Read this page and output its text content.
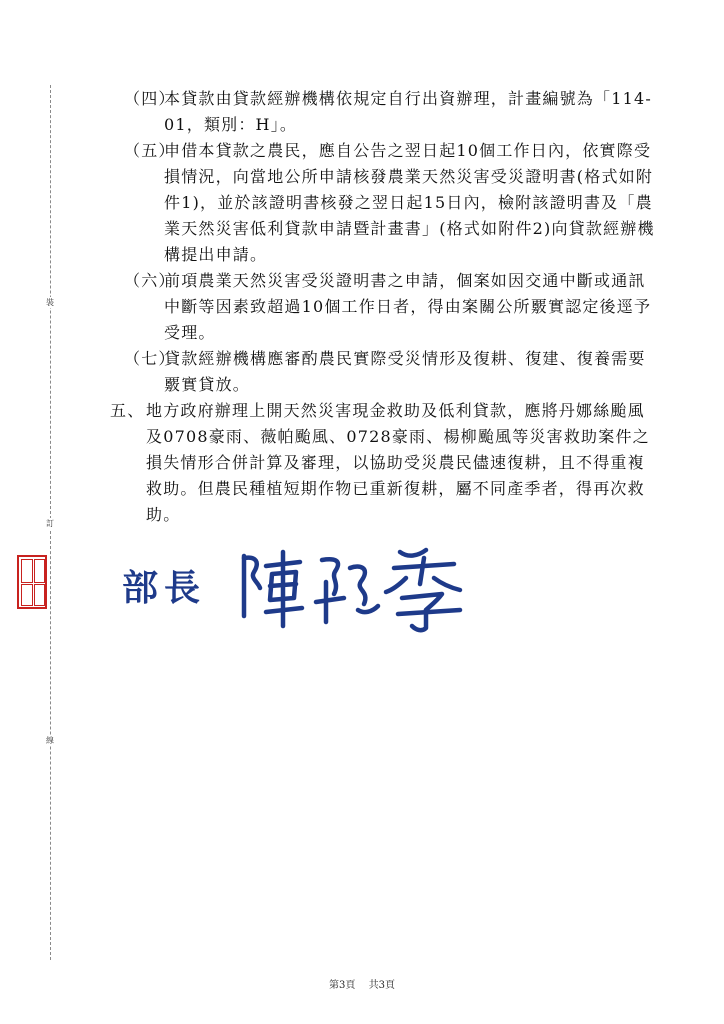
裝
訂
線
（四）
本貸款由貸款經辦機構依規定自行出資辦理，計畫編號為「114-01，類別：H」。
（五）
申借本貸款之農民，應自公告之翌日起10個工作日內，依實際受損情況，向當地公所申請核發農業天然災害受災證明書(格式如附件1)，並於該證明書核發之翌日起15日內，檢附該證明書及「農業天然災害低利貸款申請暨計畫書」(格式如附件2)向貸款經辦機構提出申請。
（六）
前項農業天然災害受災證明書之申請，個案如因交通中斷或通訊中斷等因素致超過10個工作日者，得由案關公所覈實認定後逕予受理。
（七）
貸款經辦機構應審酌農民實際受災情形及復耕、復建、復養需要覈實貸放。
五、 地方政府辦理上開天然災害現金救助及低利貸款，應將丹娜絲颱風及0708豪雨、薇帕颱風、0728豪雨、楊柳颱風等災害救助案件之損失情形合併計算及審理，以協助受災農民儘速復耕，且不得重複救助。但農民種植短期作物已重新復耕，屬不同產季者，得再次救助。
部長
第3頁 共3頁
